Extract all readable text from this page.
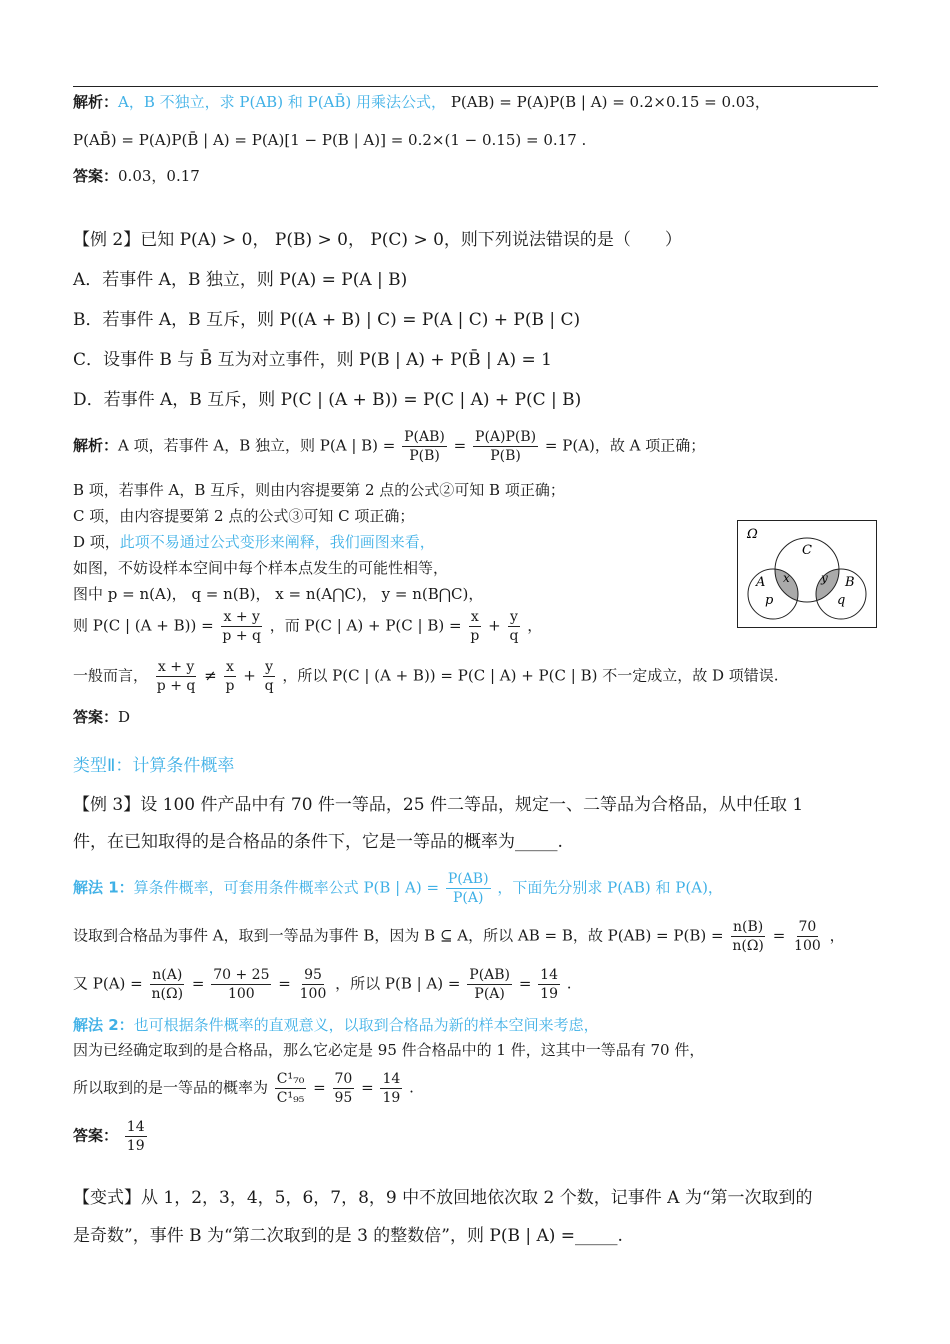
解析：A，B 不独立，求 P(AB) 和 P(AB̄) 用乘法公式， P(AB) = P(A)P(B | A) = 0.2×0.15 = 0.03，
P(AB̄) = P(A)P(B̄ | A) = P(A)[1 − P(B | A)] = 0.2×(1 − 0.15) = 0.17 .
答案：0.03，0.17
【例 2】已知 P(A) > 0， P(B) > 0， P(C) > 0，则下列说法错误的是（　　）
A．若事件 A，B 独立，则 P(A) = P(A | B)
B．若事件 A，B 互斥，则 P((A + B) | C) = P(A | C) + P(B | C)
C．设事件 B 与 B̄ 互为对立事件，则 P(B | A) + P(B̄ | A) = 1
D．若事件 A，B 互斥，则 P(C | (A + B)) = P(C | A) + P(C | B)
解析：A 项，若事件 A，B 独立，则 P(A | $B) = \frac{P(AB)}{P(B)} = \frac{P(A)P(B)}{P(B)} = P(A)$，故 A 项正确；
B 项，若事件 A，B 互斥，则由内容提要第 2 点的公式②可知 B 项正确；
C 项，由内容提要第 2 点的公式③可知 C 项正确；
D 项，此项不易通过公式变形来阐释，我们画图来看，
如图，不妨设样本空间中每个样本点发生的可能性相等，
图中 p = n(A)， q = n(B)， x = n(A⋂C)， y = n(B⋂C)，
则 P(C | $(A + B)) = \frac{x + y}{p + q}$ ，而 P(C | A) + P(C | $B) = \frac{x}{p} + \frac{y}{q}$ ，
一般而言， $\frac{x + y}{p + q} \ne \frac{x}{p} + \frac{y}{q}$ ，所以 P(C | (A + B)) = P(C | A) + P(C | B) 不一定成立，故 D 项错误.
答案：D
Ω
C
A	B
x	y
p	q
类型Ⅱ：计算条件概率
【例 3】设 100 件产品中有 70 件一等品，25 件二等品，规定一、二等品为合格品，从中任取 1
件，在已知取得的是合格品的条件下，它是一等品的概率为_____.
解法 1：算条件概率，可套用条件概率公式 P(B | $A) = \frac{P(AB)}{P(A)}$ ，下面先分别求 P(AB) 和 P(A)，
设取到合格品为事件 A，取到一等品为事件 B，因为 B ⊆ A，所以 AB = B，故 $P(AB) = P(B) = \frac{n(B)}{n(\Omega)} = \frac{70}{100}$ ，
又 $P(A) = \frac{n(A)}{n(\Omega)} = \frac{70 + 25}{100} = \frac{95}{100}$ ，所以 P(B | $A) = \frac{P(AB)}{P(A)} = \frac{14}{19}$ .
解法 2：也可根据条件概率的直观意义，以取到合格品为新的样本空间来考虑，
因为已经确定取到的是合格品，那么它必定是 95 件合格品中的 1 件，这其中一等品有 70 件，
所以取到的是一等品的概率为 $\frac{\text{C¹₇₀}}{\text{C¹₉₅}} = \frac{70}{95} = \frac{14}{19}$ .
答案： $\frac{14}{19}$
【变式】从 1，2，3，4，5，6，7，8，9 中不放回地依次取 2 个数，记事件 A 为“第一次取到的
是奇数”，事件 B 为“第二次取到的是 3 的整数倍”，则 P(B | A) =_____.
